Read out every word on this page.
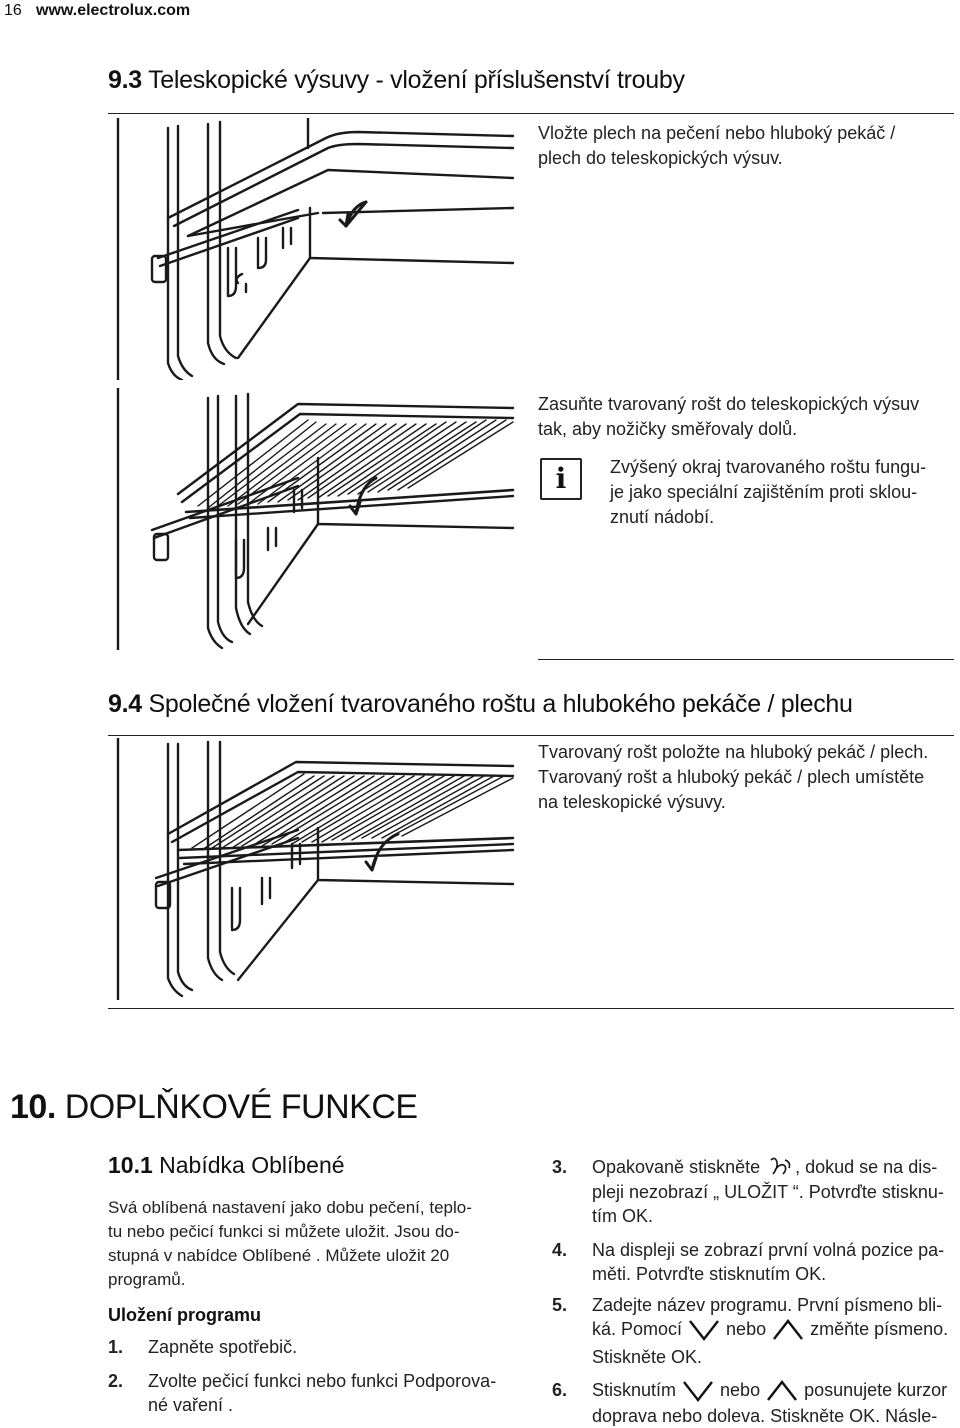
16 www.electrolux.com
9.3 Teleskopické výsuvy - vložení příslušenství trouby
Vložte plech na pečení nebo hluboký pekáč /
plech do teleskopických výsuv.
Zasuňte tvarovaný rošt do teleskopických výsuv
tak, aby nožičky směřovaly dolů.
i	Zvýšený okraj tvarovaného roštu fungu-
je jako speciální zajištěním proti sklou-
znutí nádobí.
9.4 Společné vložení tvarovaného roštu a hlubokého pekáče / plechu
Tvarovaný rošt položte na hluboký pekáč / plech.
Tvarovaný rošt a hluboký pekáč / plech umístěte
na teleskopické výsuvy.
10. DOPLŇKOVÉ FUNKCE
10.1 Nabídka Oblíbené
Svá oblíbená nastavení jako dobu pečení, teplo-
tu nebo pečicí funkci si můžete uložit. Jsou do-
stupná v nabídce Oblíbené . Můžete uložit 20
programů.
Uložení programu
1. Zapněte spotřebič.
2. Zvolte pečicí funkci nebo funkci Podporova-
né vaření .
3. Opakovaně stiskněte , dokud se na dis-
pleji nezobrazí „ ULOŽIT “. Potvrďte stisknu-
tím OK.
4. Na displeji se zobrazí první volná pozice pa-
měti. Potvrďte stisknutím OK.
5. Zadejte název programu. První písmeno bli-
ká. Pomocí  nebo  změňte písmeno.
Stiskněte OK.
6. Stisknutím  nebo  posunujete kurzor
doprava nebo doleva. Stiskněte OK. Násle-
